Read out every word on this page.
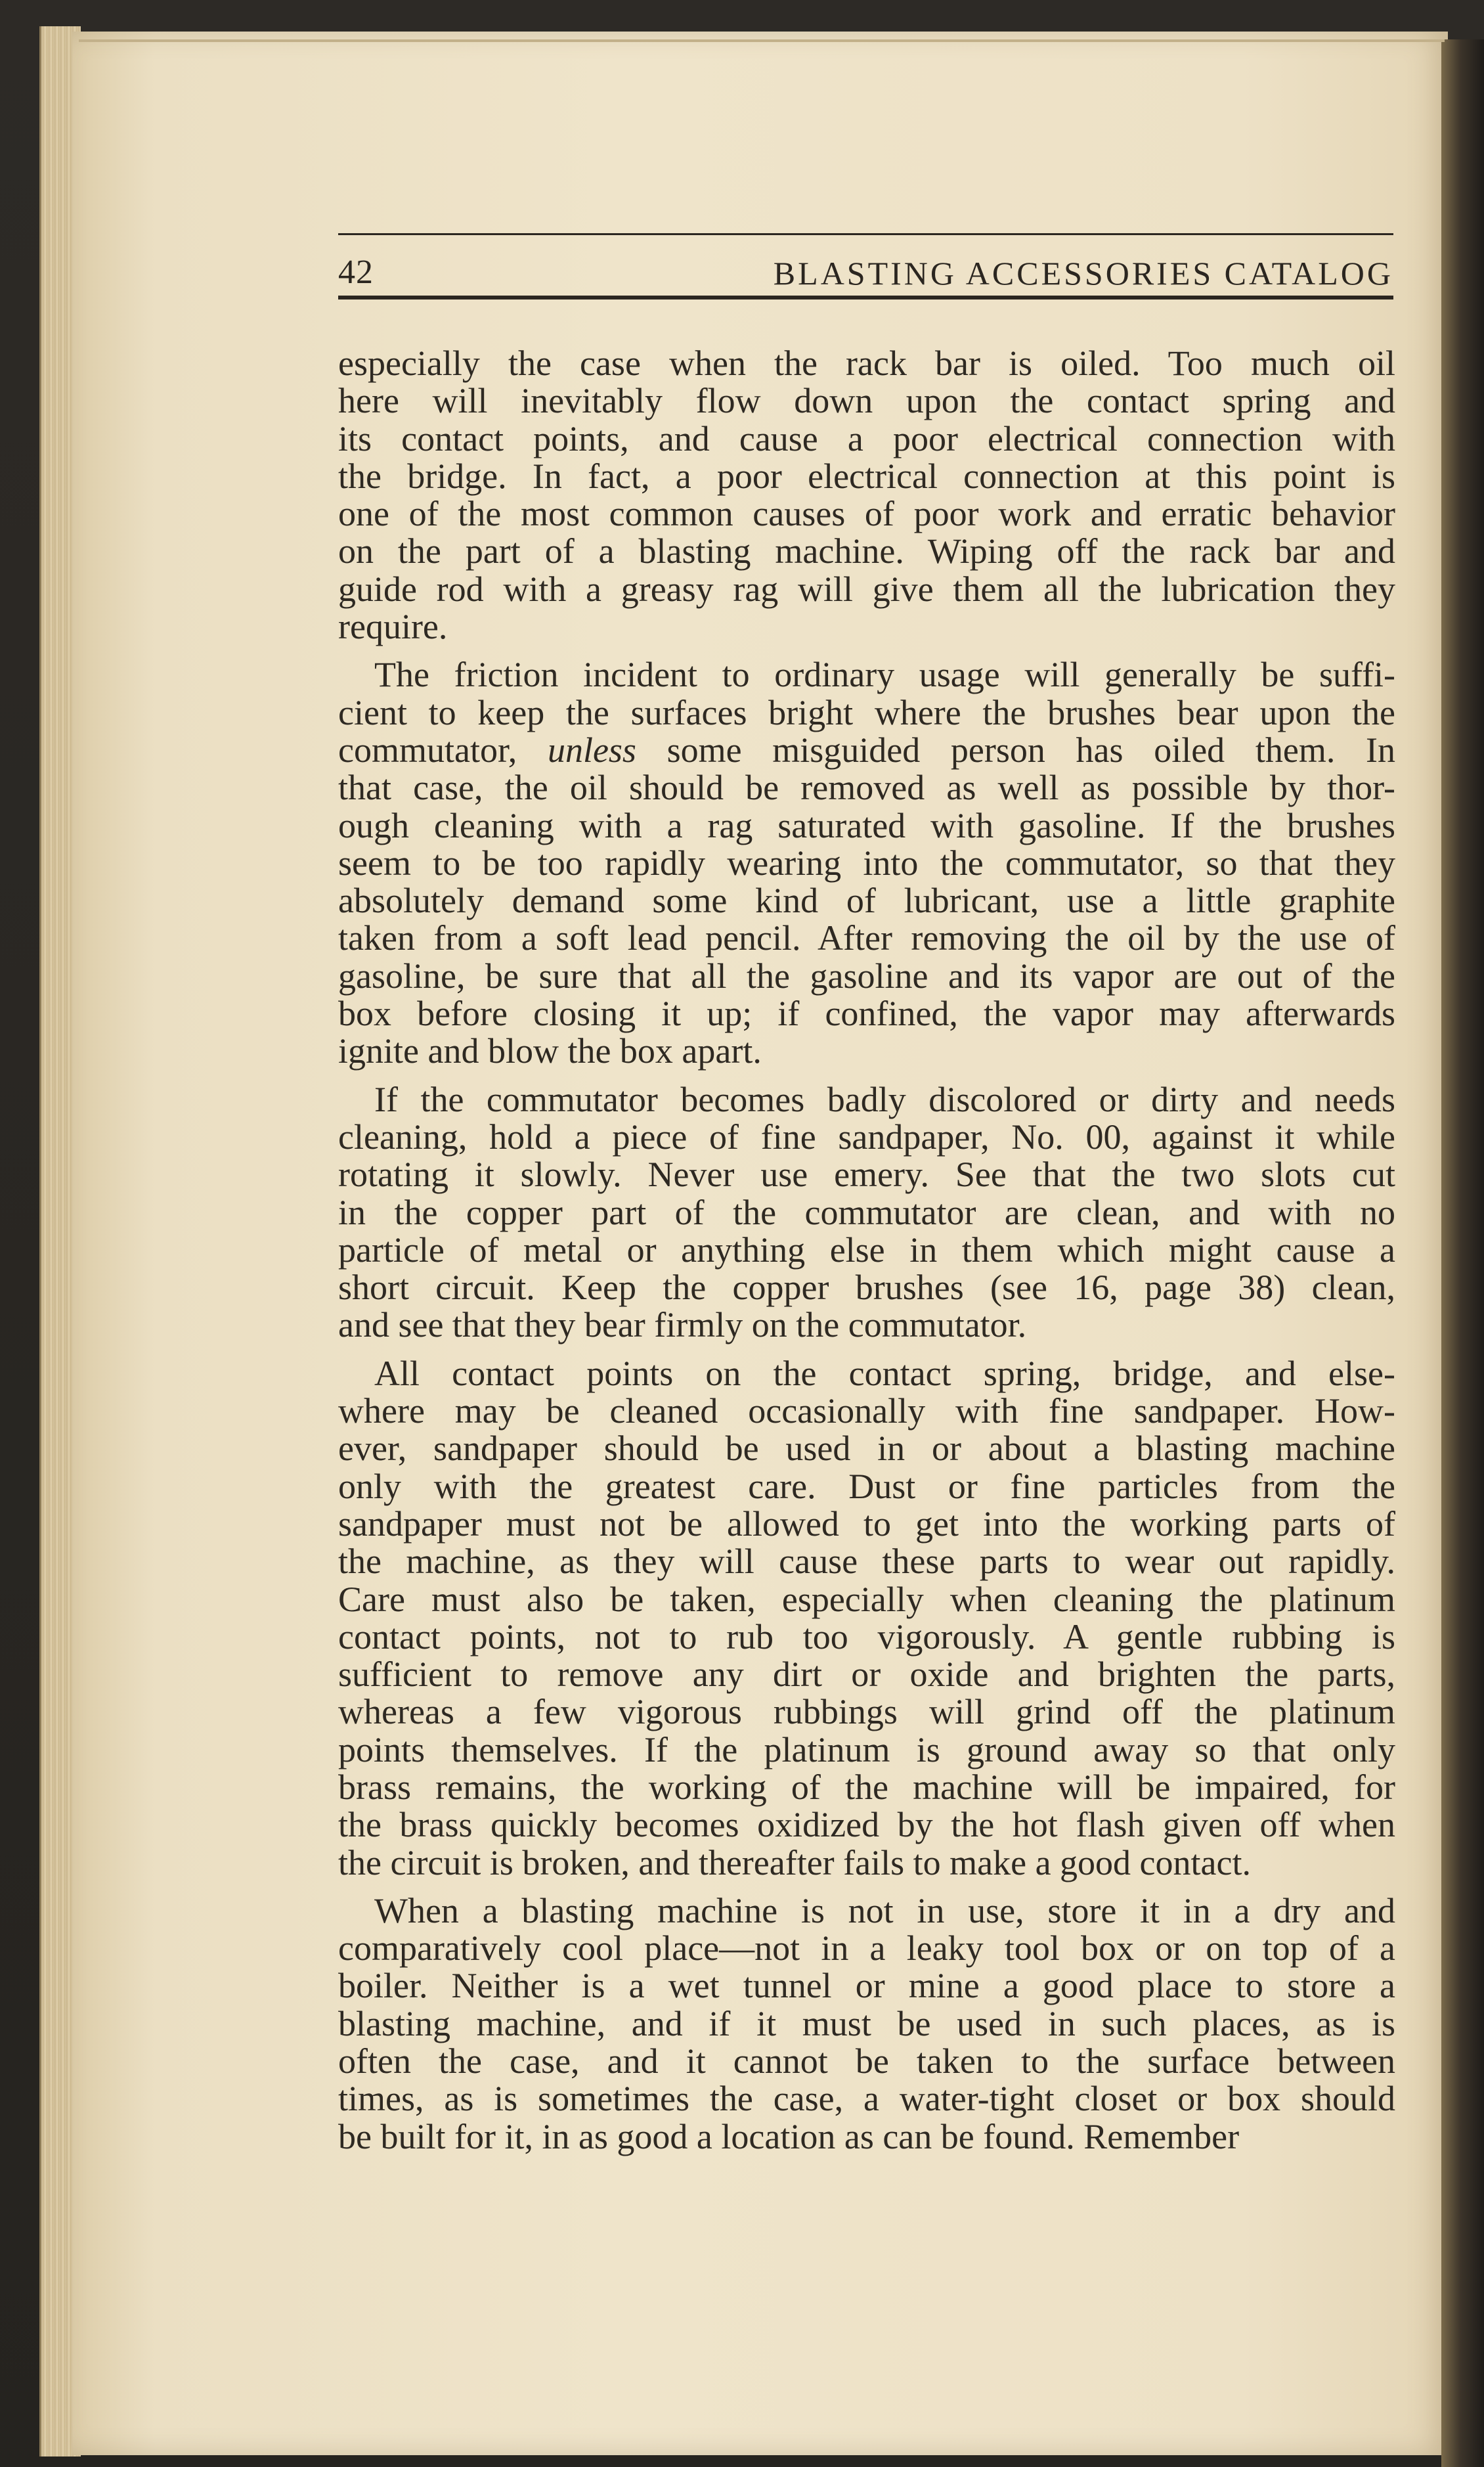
42	BLASTING ACCESSORIES CATALOG
especially the case when the rack bar is oiled. Too much oil
here will inevitably flow down upon the contact spring and
its contact points, and cause a poor electrical connection with
the bridge. In fact, a poor electrical connection at this point is
one of the most common causes of poor work and erratic behavior
on the part of a blasting machine. Wiping off the rack bar and
guide rod with a greasy rag will give them all the lubrication they
require.
The friction incident to ordinary usage will generally be suffi-
cient to keep the surfaces bright where the brushes bear upon the
commutator, unless some misguided person has oiled them. In
that case, the oil should be removed as well as possible by thor-
ough cleaning with a rag saturated with gasoline. If the brushes
seem to be too rapidly wearing into the commutator, so that they
absolutely demand some kind of lubricant, use a little graphite
taken from a soft lead pencil. After removing the oil by the use of
gasoline, be sure that all the gasoline and its vapor are out of the
box before closing it up; if confined, the vapor may afterwards
ignite and blow the box apart.
If the commutator becomes badly discolored or dirty and needs
cleaning, hold a piece of fine sandpaper, No. 00, against it while
rotating it slowly. Never use emery. See that the two slots cut
in the copper part of the commutator are clean, and with no
particle of metal or anything else in them which might cause a
short circuit. Keep the copper brushes (see 16, page 38) clean,
and see that they bear firmly on the commutator.
All contact points on the contact spring, bridge, and else-
where may be cleaned occasionally with fine sandpaper. How-
ever, sandpaper should be used in or about a blasting machine
only with the greatest care. Dust or fine particles from the
sandpaper must not be allowed to get into the working parts of
the machine, as they will cause these parts to wear out rapidly.
Care must also be taken, especially when cleaning the platinum
contact points, not to rub too vigorously. A gentle rubbing is
sufficient to remove any dirt or oxide and brighten the parts,
whereas a few vigorous rubbings will grind off the platinum
points themselves. If the platinum is ground away so that only
brass remains, the working of the machine will be impaired, for
the brass quickly becomes oxidized by the hot flash given off when
the circuit is broken, and thereafter fails to make a good contact.
When a blasting machine is not in use, store it in a dry and
comparatively cool place—not in a leaky tool box or on top of a
boiler. Neither is a wet tunnel or mine a good place to store a
blasting machine, and if it must be used in such places, as is
often the case, and it cannot be taken to the surface between
times, as is sometimes the case, a water-tight closet or box should
be built for it, in as good a location as can be found. Remember
